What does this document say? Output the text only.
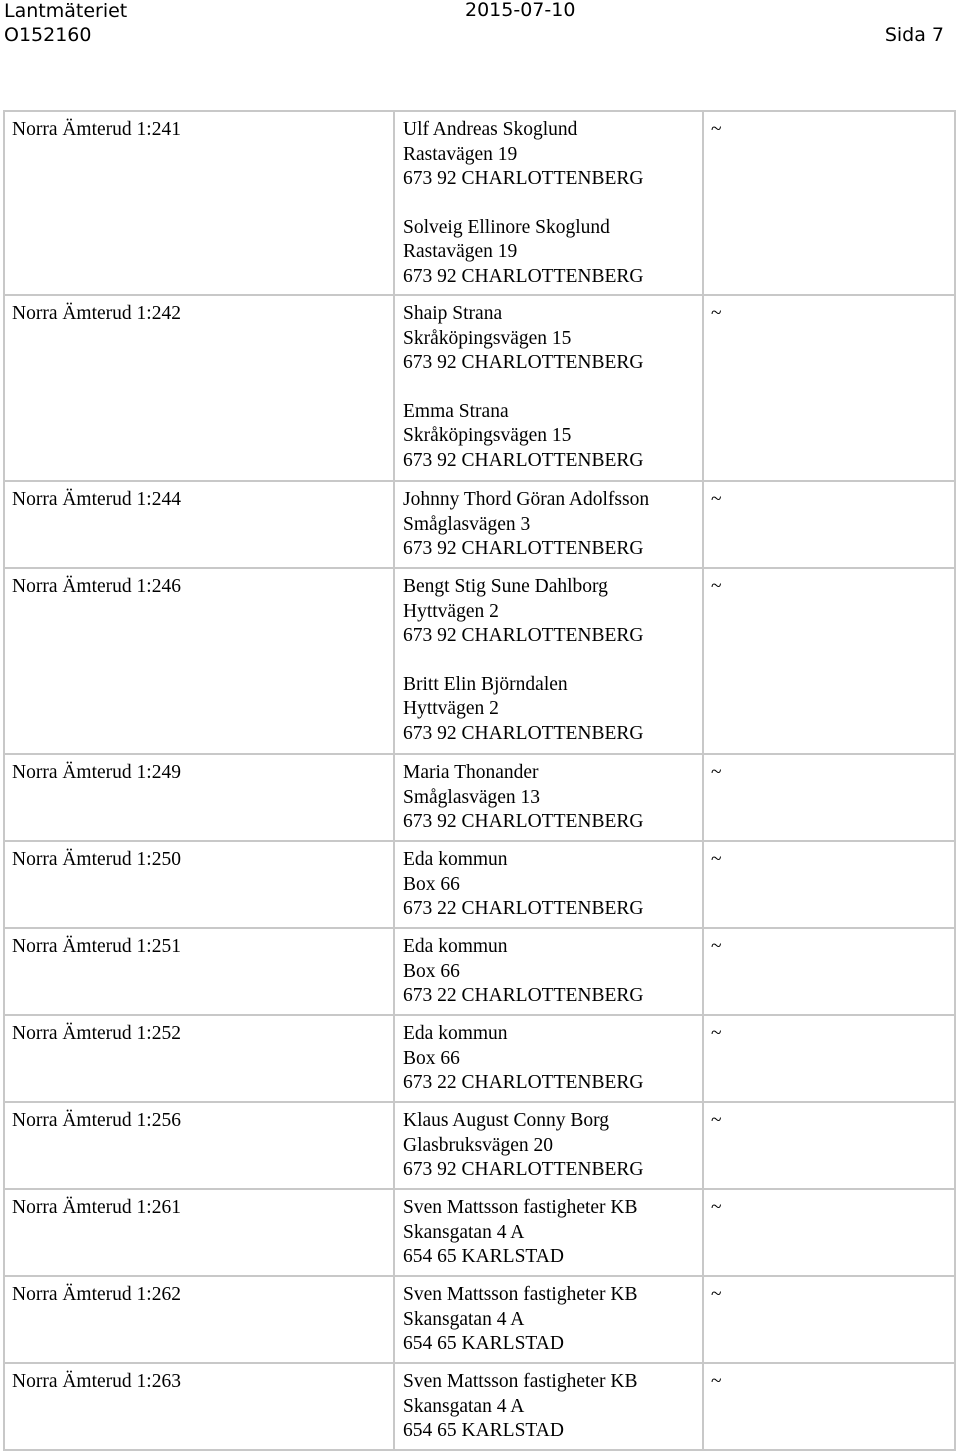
Lantmäteriet	2015-07-10
O152160	Sida 7
Norra Ämterud 1:241	Ulf Andreas Skoglund
Rastavägen 19
673 92 CHARLOTTENBERG
Solveig Ellinore Skoglund
Rastavägen 19
673 92 CHARLOTTENBERG
~
Norra Ämterud 1:242	Shaip Strana
Skråköpingsvägen 15
673 92 CHARLOTTENBERG
Emma Strana
Skråköpingsvägen 15
673 92 CHARLOTTENBERG
~
Norra Ämterud 1:244	Johnny Thord Göran Adolfsson
Småglasvägen 3
673 92 CHARLOTTENBERG
~
Norra Ämterud 1:246	Bengt Stig Sune Dahlborg
Hyttvägen 2
673 92 CHARLOTTENBERG
Britt Elin Björndalen
Hyttvägen 2
673 92 CHARLOTTENBERG
~
Norra Ämterud 1:249	Maria Thonander
Småglasvägen 13
673 92 CHARLOTTENBERG
~
Norra Ämterud 1:250	Eda kommun
Box 66
673 22 CHARLOTTENBERG
~
Norra Ämterud 1:251	Eda kommun
Box 66
673 22 CHARLOTTENBERG
~
Norra Ämterud 1:252	Eda kommun
Box 66
673 22 CHARLOTTENBERG
~
Norra Ämterud 1:256	Klaus August Conny Borg
Glasbruksvägen 20
673 92 CHARLOTTENBERG
~
Norra Ämterud 1:261	Sven Mattsson fastigheter KB
Skansgatan 4 A
654 65 KARLSTAD
~
Norra Ämterud 1:262	Sven Mattsson fastigheter KB
Skansgatan 4 A
654 65 KARLSTAD
~
Norra Ämterud 1:263	Sven Mattsson fastigheter KB
Skansgatan 4 A
654 65 KARLSTAD
~
